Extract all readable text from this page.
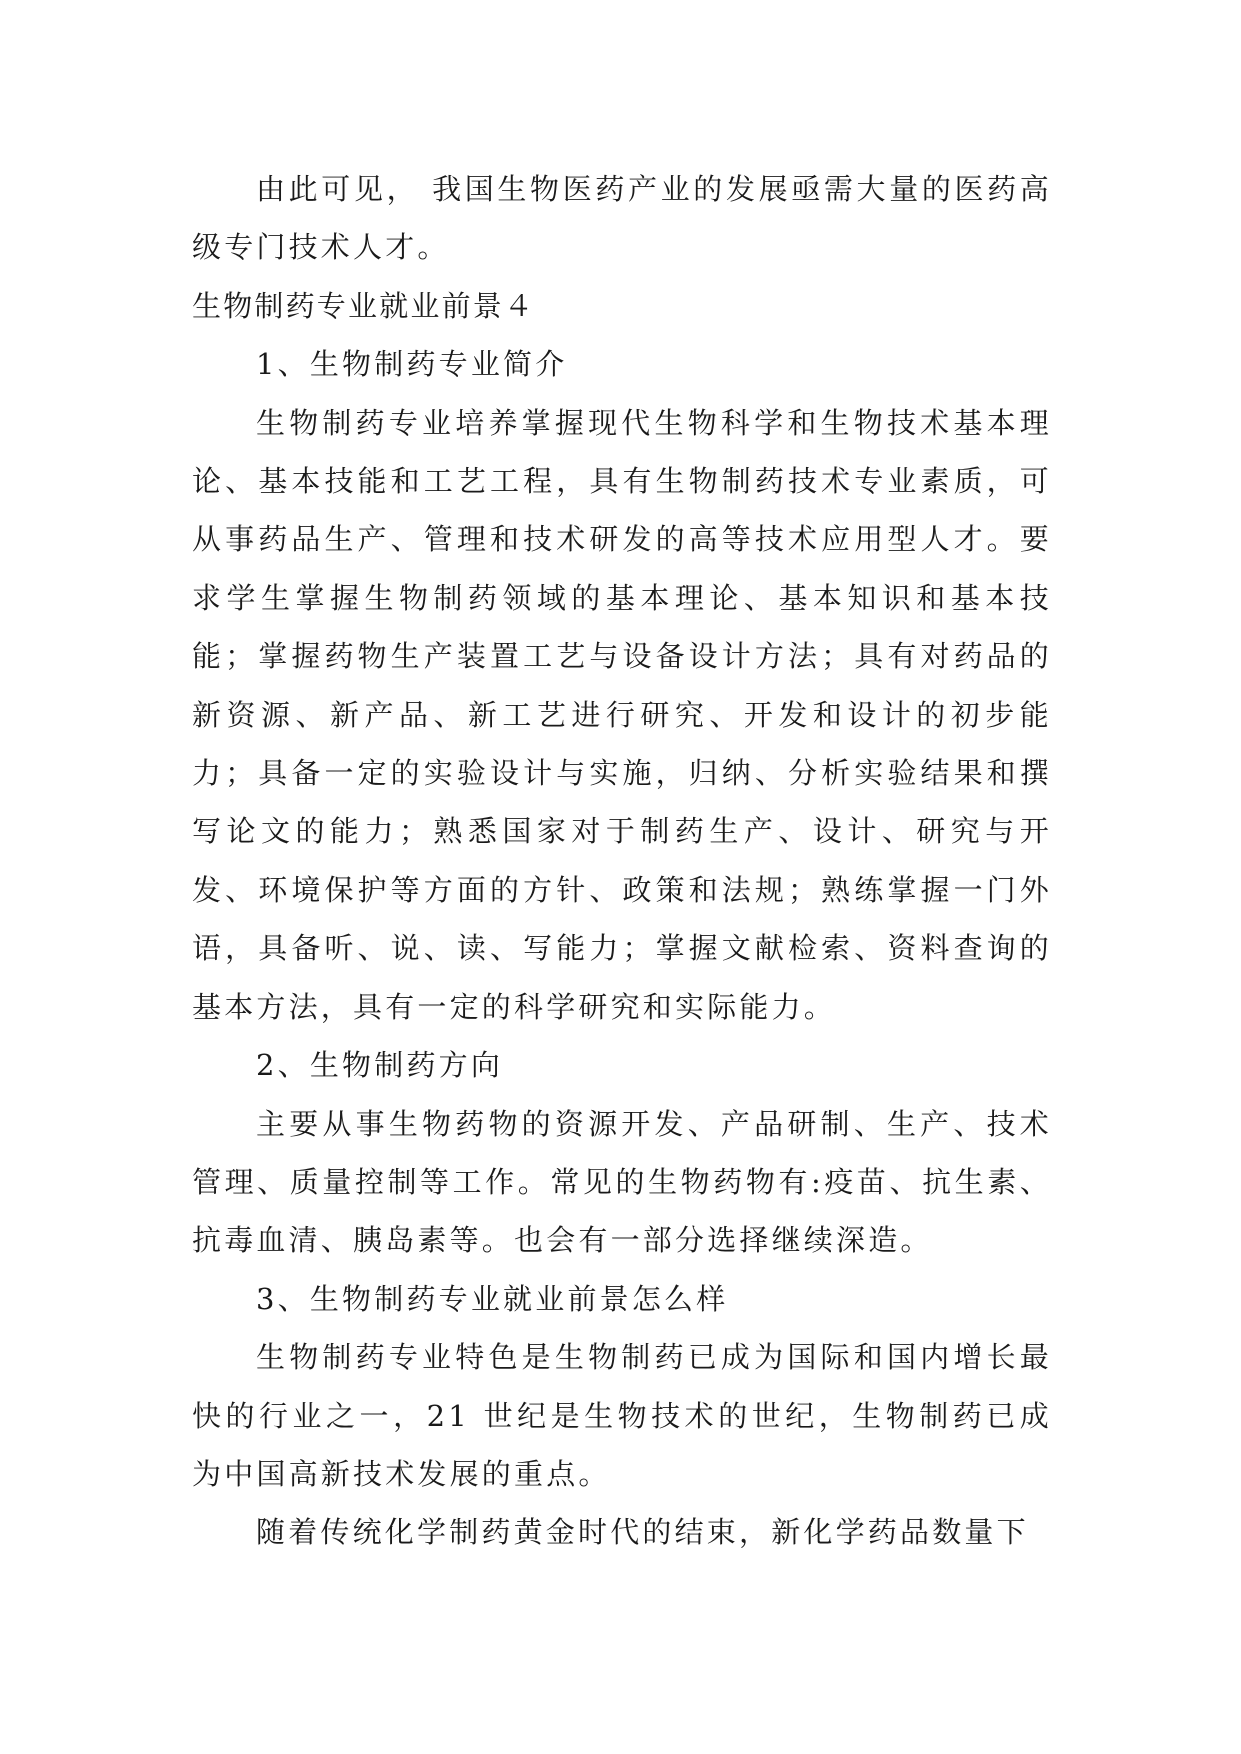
由此可见， 我国生物医药产业的发展亟需大量的医药高级专门技术人才。

生物制药专业就业前景４

1、生物制药专业简介

生物制药专业培养掌握现代生物科学和生物技术基本理论、基本技能和工艺工程，具有生物制药技术专业素质，可从事药品生产、管理和技术研发的高等技术应用型人才。要求学生掌握生物制药领域的基本理论、基本知识和基本技能；掌握药物生产装置工艺与设备设计方法；具有对药品的新资源、新产品、新工艺进行研究、开发和设计的初步能力；具备一定的实验设计与实施，归纳、分析实验结果和撰写论文的能力；熟悉国家对于制药生产、设计、研究与开发、环境保护等方面的方针、政策和法规；熟练掌握一门外语，具备听、说、读、写能力；掌握文献检索、资料查询的基本方法，具有一定的科学研究和实际能力。

2、生物制药方向

主要从事生物药物的资源开发、产品研制、生产、技术管理、质量控制等工作。常见的生物药物有:疫苗、抗生素、抗毒血清、胰岛素等。也会有一部分选择继续深造。

3、生物制药专业就业前景怎么样

生物制药专业特色是生物制药已成为国际和国内增长最快的行业之一，21 世纪是生物技术的世纪，生物制药已成为中国高新技术发展的重点。

随着传统化学制药黄金时代的结束，新化学药品数量下
